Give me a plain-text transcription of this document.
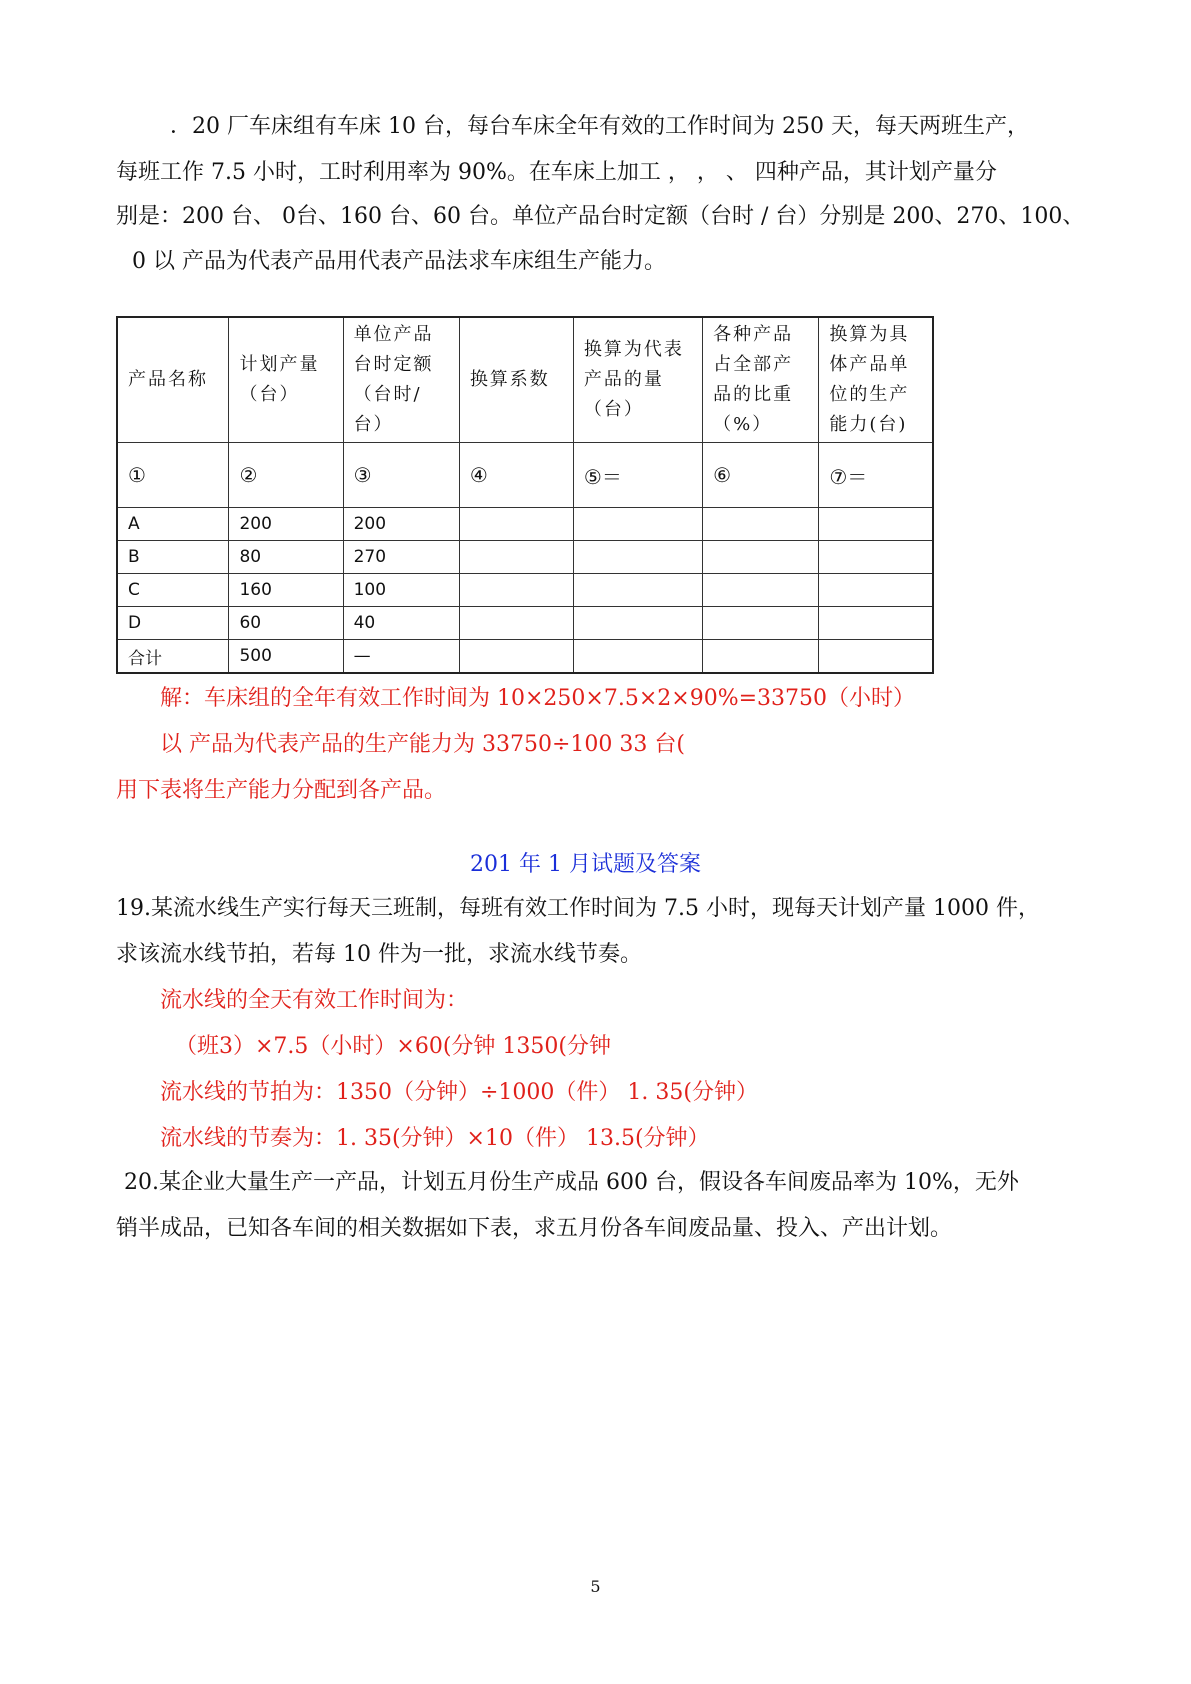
．20 厂车床组有车床 10 台，每台车床全年有效的工作时间为 250 天，每天两班生产，
每班工作 7.5 小时，工时利用率为 90%。在车床上加工 ， ， 、 四种产品，其计划产量分
别是：200 台、 0台、160 台、60 台。单位产品台时定额（台时 / 台）分别是 200、270、100、
0 以 产品为代表产品用代表产品法求车床组生产能力。
产品名称	计划产量（台）	单位产品台时定额（台时/台）	换算系数	换算为代表产品的量（台）	各种产品占全部产品的比重（%）	换算为具体产品单位的生产能力(台)
①	②	③	④	⑤＝	⑥	⑦＝
A	200	200				
B	80	270				
C	160	100				
D	60	40				
合计	500	—				
解：车床组的全年有效工作时间为 10×250×7.5×2×90%=33750（小时）
以 产品为代表产品的生产能力为 33750÷100 33 台(
用下表将生产能力分配到各产品。
201 年 1 月试题及答案
19.某流水线生产实行每天三班制，每班有效工作时间为 7.5 小时，现每天计划产量 1000 件，
求该流水线节拍，若每 10 件为一批，求流水线节奏。
流水线的全天有效工作时间为：
（班3）×7.5（小时）×60(分钟 1350(分钟
流水线的节拍为：1350（分钟）÷1000（件） 1. 35(分钟）
流水线的节奏为：1. 35(分钟）×10（件） 13.5(分钟）
20.某企业大量生产一产品，计划五月份生产成品 600 台，假设各车间废品率为 10%，无外
销半成品，已知各车间的相关数据如下表，求五月份各车间废品量、投入、产出计划。
5
